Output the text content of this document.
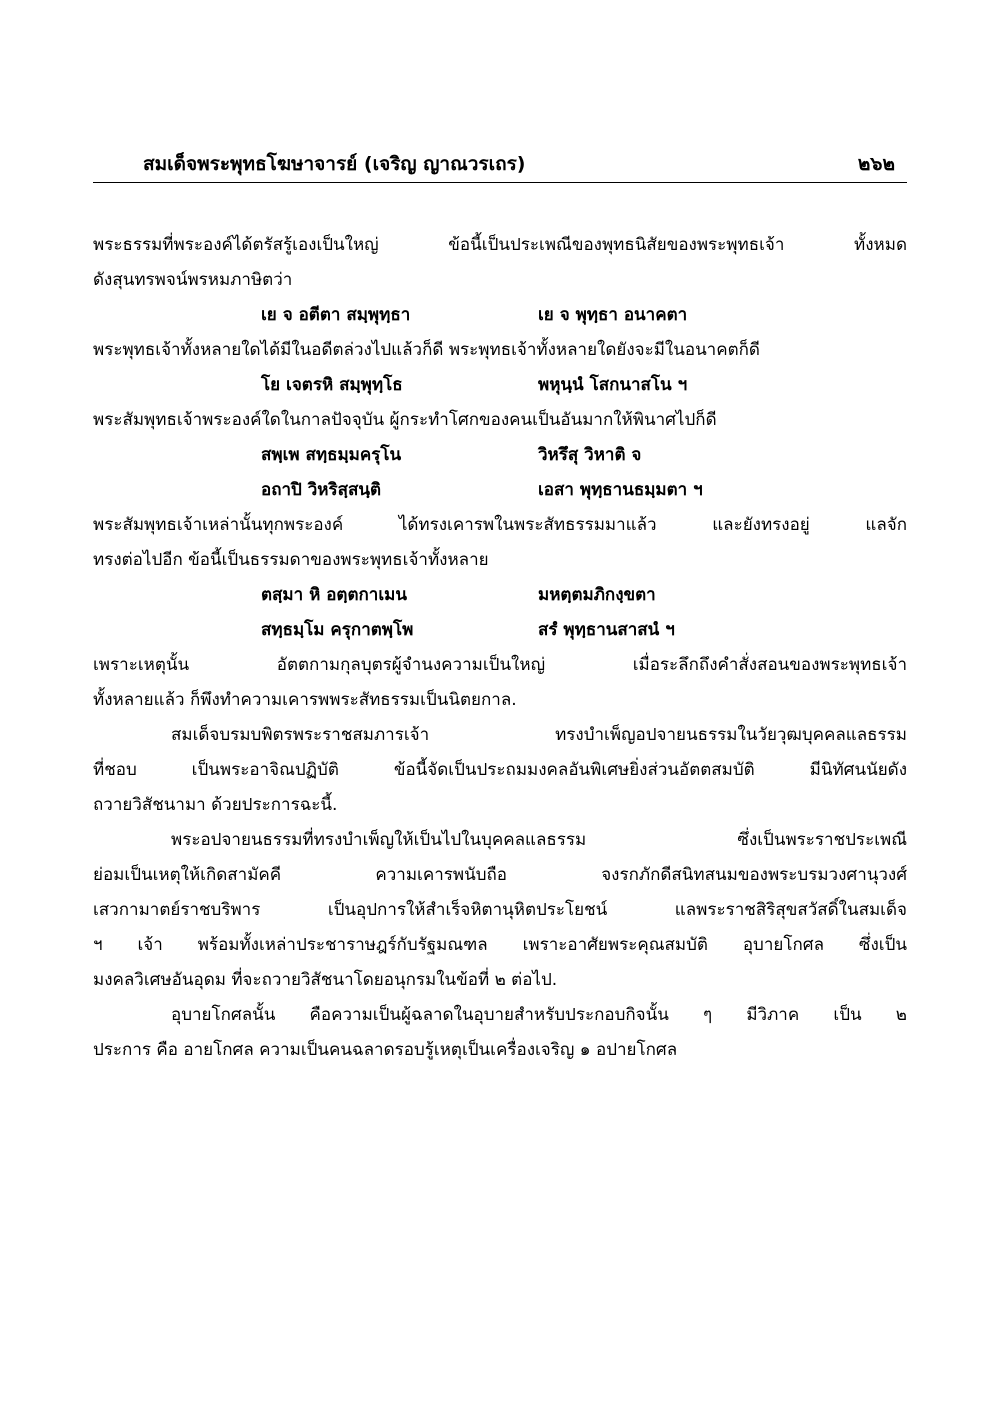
สมเด็จพระพุทธโฆษาจารย์ (เจริญ ญาณวรเถร)	๒๖๒
พระธรรมที่พระองค์ได้ตรัสรู้เองเป็นใหญ่ ข้อนี้เป็นประเพณีของพุทธนิสัยของพระพุทธเจ้า ทั้งหมด
ดังสุนทรพจน์พรหมภาษิตว่า
เย จ อตีตา สมฺพุทฺธา	เย จ พุทฺธา อนาคตา
พระพุทธเจ้าทั้งหลายใดได้มีในอดีตล่วงไปแล้วก็ดี พระพุทธเจ้าทั้งหลายใดยังจะมีในอนาคตก็ดี
โย เจตรหิ สมฺพุทฺโธ	พหุนฺนํ โสกนาสโน ฯ
พระสัมพุทธเจ้าพระองค์ใดในกาลปัจจุบัน ผู้กระทำโศกของคนเป็นอันมากให้พินาศไปก็ดี
สพฺเพ สทฺธมฺมครุโน	วิหรึสุ วิหาติ จ
อถาปิ วิหริสฺสนฺติ	เอสา พุทฺธานธมฺมตา ฯ
พระสัมพุทธเจ้าเหล่านั้นทุกพระองค์ ได้ทรงเคารพในพระสัทธรรมมาแล้ว และยังทรงอยู่ แลจัก
ทรงต่อไปอีก ข้อนี้เป็นธรรมดาของพระพุทธเจ้าทั้งหลาย
ตสฺมา หิ อตฺตกาเมน	มหตฺตมภิกงฺขตา
สทฺธมฺโม ครุกาตพฺโพ	สรํ พุทฺธานสาสนํ ฯ
เพราะเหตุนั้น อัตตกามกุลบุตรผู้จำนงความเป็นใหญ่ เมื่อระลึกถึงคำสั่งสอนของพระพุทธเจ้า
ทั้งหลายแล้ว ก็พึงทำความเคารพพระสัทธรรมเป็นนิตยกาล.
สมเด็จบรมบพิตรพระราชสมภารเจ้า ทรงบำเพ็ญอปจายนธรรมในวัยวุฒบุคคลแลธรรม
ที่ชอบ เป็นพระอาจิณปฏิบัติ ข้อนี้จัดเป็นประถมมงคลอันพิเศษยิ่งส่วนอัตตสมบัติ มีนิทัศนนัยดัง
ถวายวิสัชนามา ด้วยประการฉะนี้.
พระอปจายนธรรมที่ทรงบำเพ็ญให้เป็นไปในบุคคลแลธรรม ซึ่งเป็นพระราชประเพณี
ย่อมเป็นเหตุให้เกิดสามัคคี ความเคารพนับถือ จงรกภักดีสนิทสนมของพระบรมวงศานุวงศ์
เสวกามาตย์ราชบริพาร เป็นอุปการให้สำเร็จหิตานุหิตประโยชน์ แลพระราชสิริสุขสวัสดิ์ในสมเด็จ
ฯ เจ้า พร้อมทั้งเหล่าประชาราษฎร์กับรัฐมณฑล เพราะอาศัยพระคุณสมบัติ อุบายโกศล ซึ่งเป็น
มงคลวิเศษอันอุดม ที่จะถวายวิสัชนาโดยอนุกรมในข้อที่ ๒ ต่อไป.
อุบายโกศลนั้น คือความเป็นผู้ฉลาดในอุบายสำหรับประกอบกิจนั้น ๆ มีวิภาค เป็น ๒
ประการ คือ อายโกศล ความเป็นคนฉลาดรอบรู้เหตุเป็นเครื่องเจริญ ๑ อปายโกศล
